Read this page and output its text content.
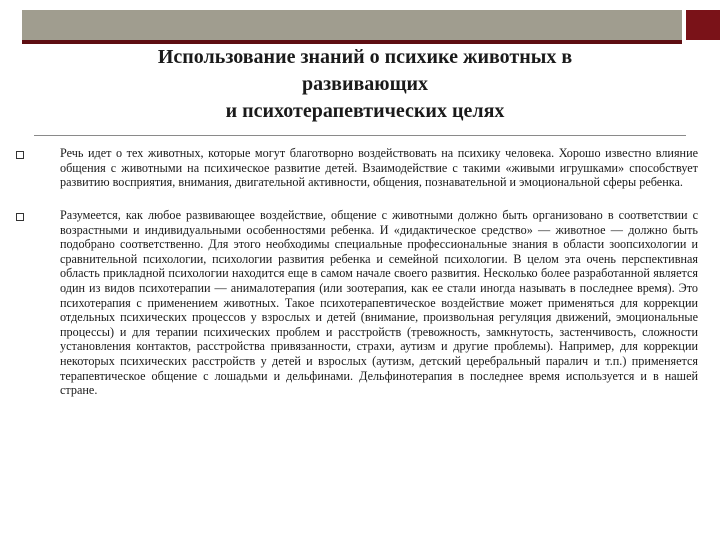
Использование знаний о психике животных в
развивающих
и психотерапевтических целях

Речь идет о тех животных, которые могут благотворно воздействовать на психику человека. Хорошо известно влияние общения с животными на психическое развитие детей. Взаимодействие с такими «живыми игрушками» способствует развитию восприятия, внимания, двигательной активности, общения, познавательной и эмоциональной сферы ребенка.

Разумеется, как любое развивающее воздействие, общение с животными должно быть организовано в соответствии с возрастными и индивидуальными особенностями ребенка. И «дидактическое средство» — животное — должно быть подобрано соответственно. Для этого необходимы специальные профессиональные знания в области зоопсихологии и сравнительной психологии, психологии развития ребенка и семейной психологии. В целом эта очень перспективная область прикладной психологии находится еще в самом начале своего развития. Несколько более разработанной является один из видов психотерапии — анималотерапия (или зоотерапия, как ее стали иногда называть в последнее время). Это психотерапия с применением животных. Такое психотерапевтическое воздействие может применяться для коррекции отдельных психических процессов у взрослых и детей (внимание, произвольная регуляция движений, эмоциональные процессы) и для терапии психических проблем и расстройств (тревожность, замкнутость, застенчивость, сложности установления контактов, расстройства привязанности, страхи, аутизм и другие проблемы). Например, для коррекции некоторых психических расстройств у детей и взрослых (аутизм, детский церебральный паралич и т.п.) применяется терапевтическое общение с лошадьми и дельфинами. Дельфинотерапия в последнее время используется и в нашей стране.
